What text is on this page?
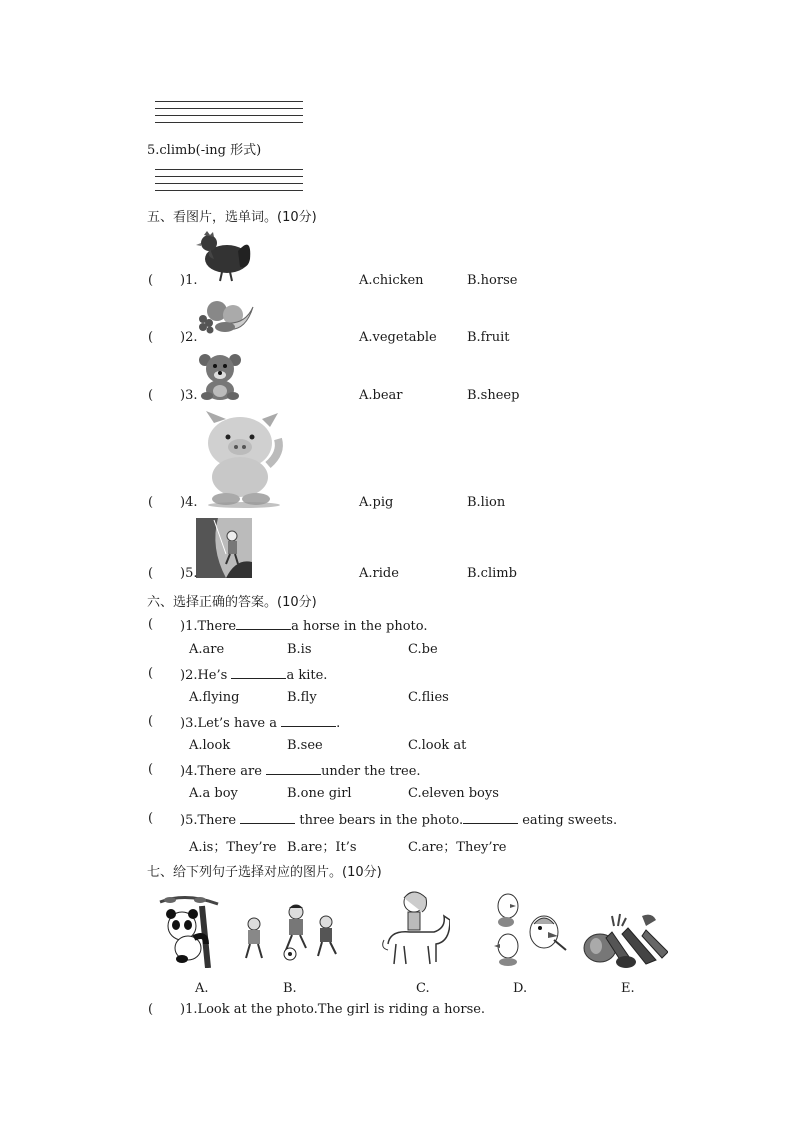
5.climb(-ing 形式)
五、看图片，选单词。(10分)
( )1.	A.chicken	B.horse
( )2.	A.vegetable B.fruit
( )3.	A.bear	B.sheep
( )4.	A.pig	B.lion
( )5.	A.ride	B.climb
六、选择正确的答案。(10分)
( )1.There	a horse in the photo.
A.are	B.is	C.be
( )2.He’s	a kite.
A.flying	B.fly	C.flies
( )3.Let’s have a	.
A.look	B.see	C.look at
( )4.There are	under the tree.
A.a boy	B.one girl	C.eleven boys
( )5.There	three bears in the photo.	eating sweets.
A.is；They’re B.are；It’s	C.are；They’re
七、给下列句子选择对应的图片。(10分)
A.	B.	C.	D.	E.
( )1.Look at the photo.The girl is riding a horse.
